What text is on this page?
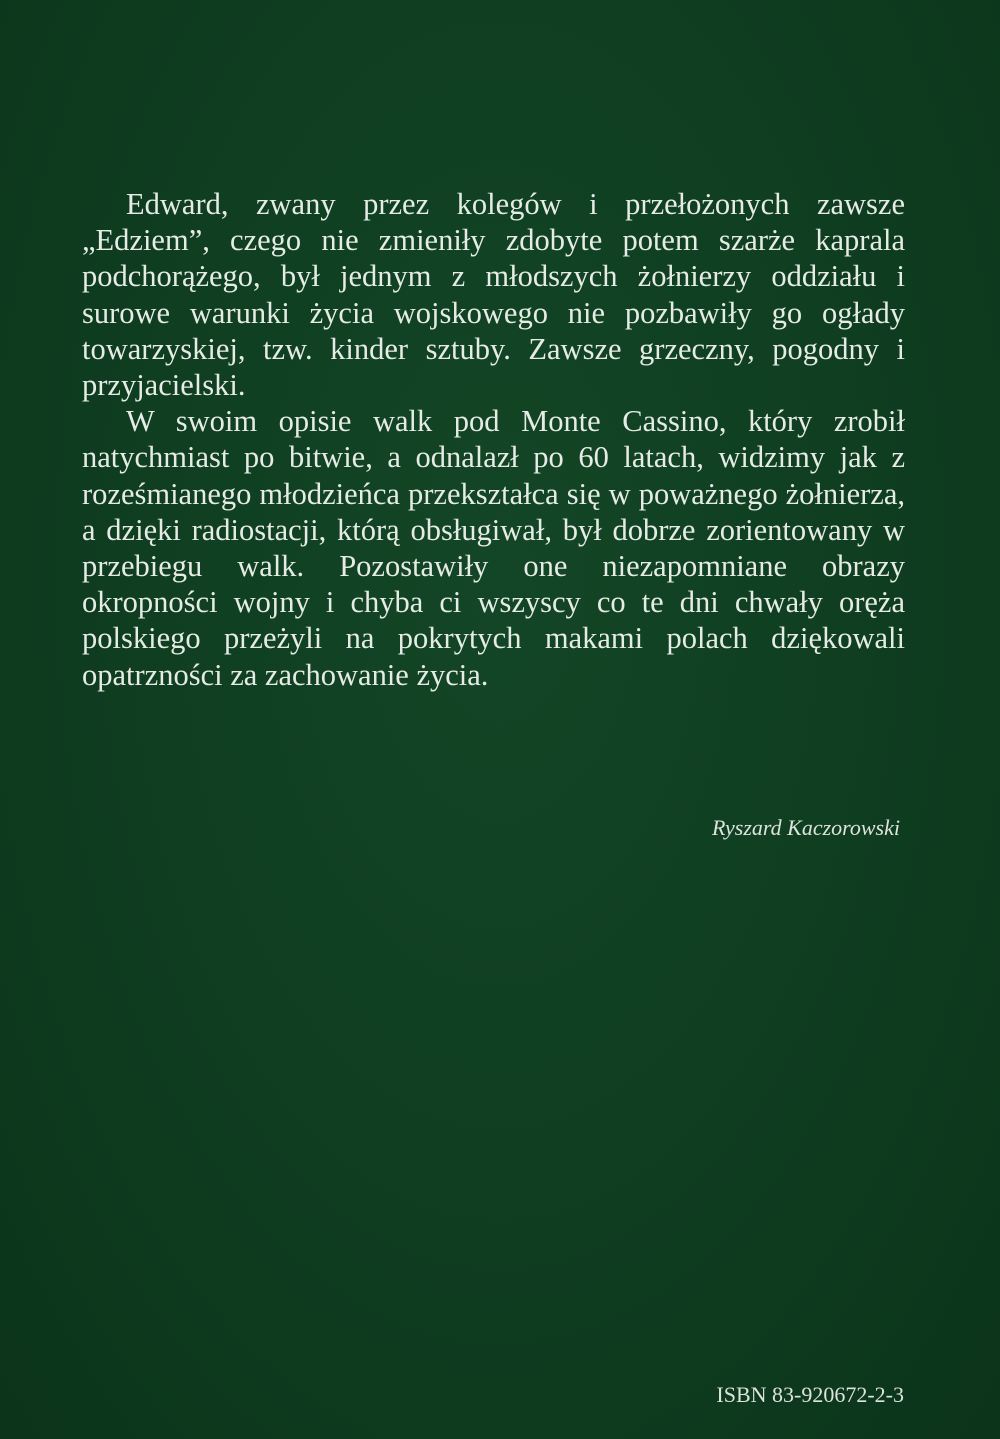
Edward, zwany przez kolegów i przełożonych zawsze „Edziem”, czego nie zmieniły zdobyte potem szarże kaprala podchorążego, był jednym z młodszych żołnierzy oddziału i surowe warunki życia wojskowego nie pozbawiły go ogłady towarzyskiej, tzw. kinder sztuby. Zawsze grzeczny, pogodny i przyjacielski.

W swoim opisie walk pod Monte Cassino, który zrobił natychmiast po bitwie, a odnalazł po 60 latach, widzimy jak z roześmianego młodzieńca przekształca się w poważnego żołnierza, a dzięki radiostacji, którą obsługiwał, był dobrze zorientowany w przebiegu walk. Pozostawiły one niezapomniane obrazy okropności wojny i chyba ci wszyscy co te dni chwały oręża polskiego przeżyli na pokrytych makami polach dziękowali opatrzności za zachowanie życia.

Ryszard Kaczorowski
ISBN 83-920672-2-3
